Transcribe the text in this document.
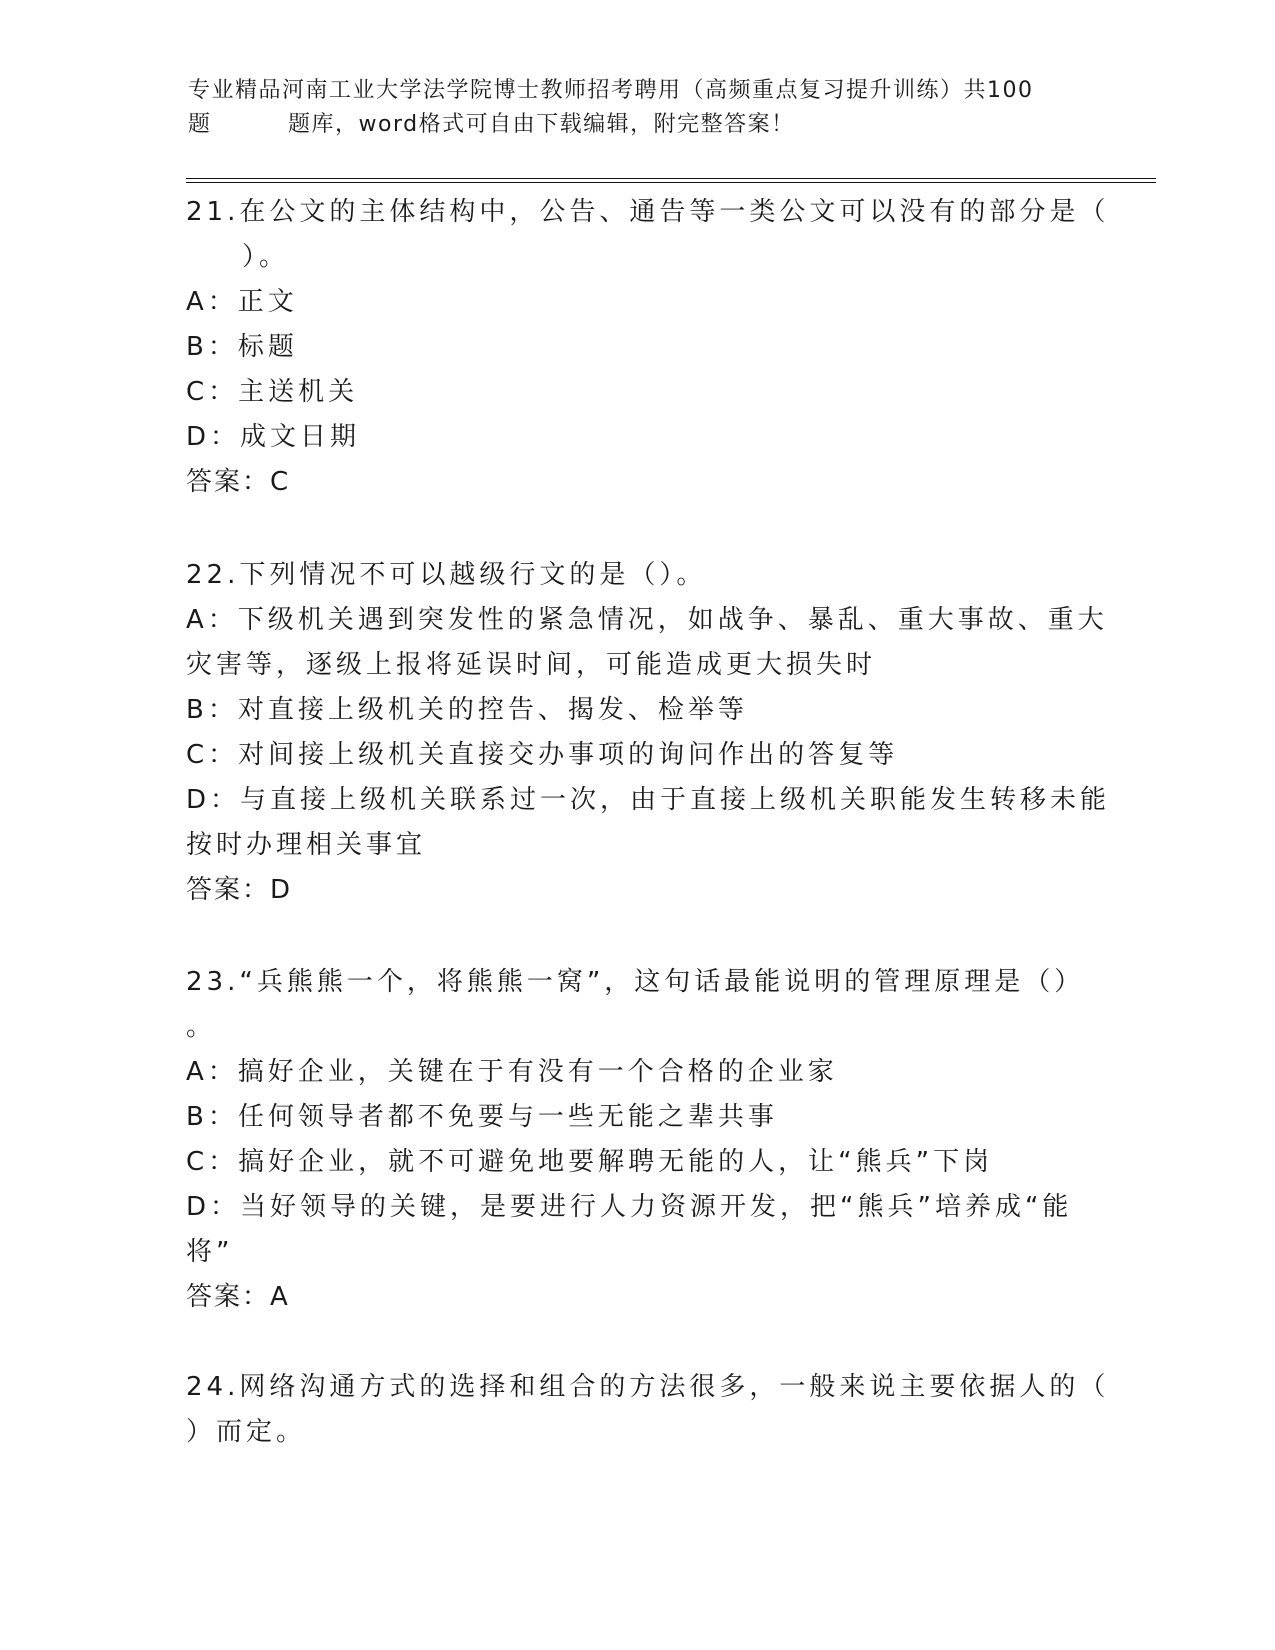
专业精品河南工业大学法学院博士教师招考聘用（高频重点复习提升训练）共100
题	题库，word格式可自由下载编辑，附完整答案！
21.在公文的主体结构中，公告、通告等一类公文可以没有的部分是（
）。
A：正文
B：标题
C：主送机关
D：成文日期
答案：C
22.下列情况不可以越级行文的是（）。
A：下级机关遇到突发性的紧急情况，如战争、暴乱、重大事故、重大
灾害等，逐级上报将延误时间，可能造成更大损失时
B：对直接上级机关的控告、揭发、检举等
C：对间接上级机关直接交办事项的询问作出的答复等
D：与直接上级机关联系过一次，由于直接上级机关职能发生转移未能
按时办理相关事宜
答案：D
23.“兵熊熊一个，将熊熊一窝”，这句话最能说明的管理原理是（）
。
A：搞好企业，关键在于有没有一个合格的企业家
B：任何领导者都不免要与一些无能之辈共事
C：搞好企业，就不可避免地要解聘无能的人，让“熊兵”下岗
D：当好领导的关键，是要进行人力资源开发，把“熊兵”培养成“能
将”
答案：A
24.网络沟通方式的选择和组合的方法很多，一般来说主要依据人的（
）而定。
